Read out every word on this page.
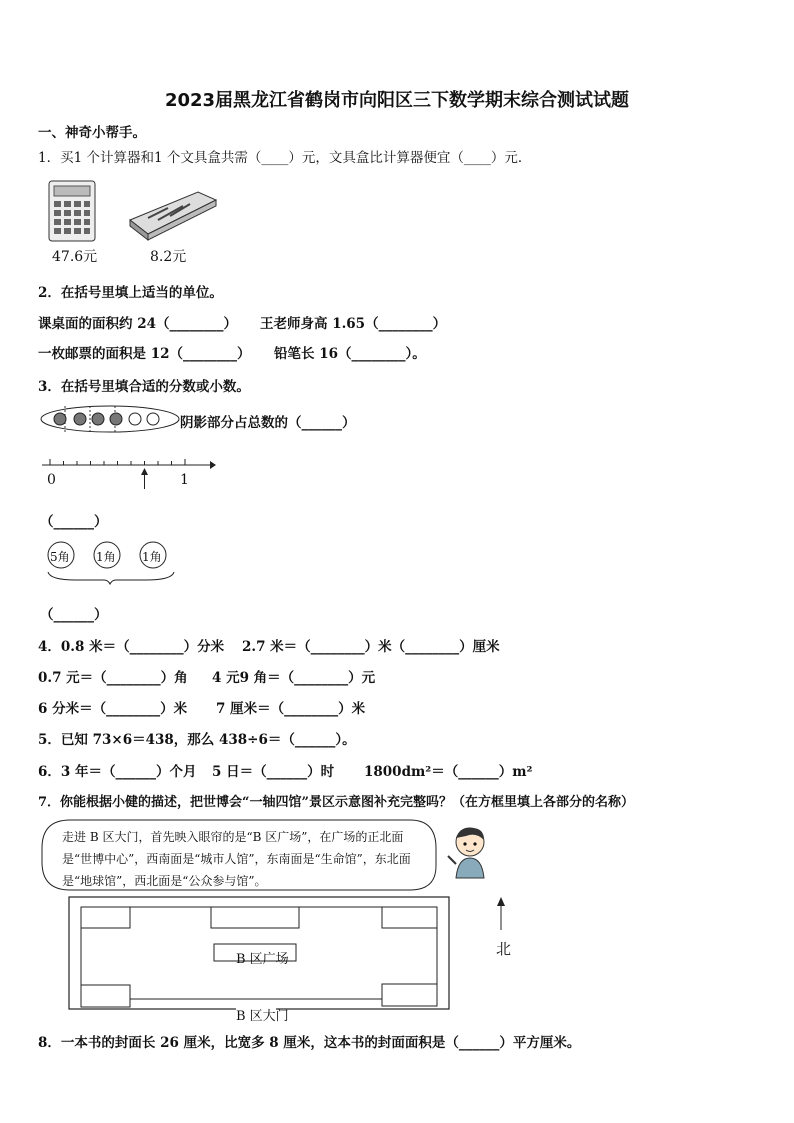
2023届黑龙江省鹤岗市向阳区三下数学期末综合测试试题
一、神奇小帮手。
1．买1 个计算器和1 个文具盒共需（____）元，文具盒比计算器便宜（____）元．
47.6元	8.2元
2．在括号里填上适当的单位。
课桌面的面积约 24（________） 王老师身高 1.65（________）
一枚邮票的面积是 12（________） 铅笔长 16（________）。
3．在括号里填合适的分数或小数。
阴影部分占总数的（______）
0	1
（______）
5角 1角 1角
（______）
4．0.8 米＝（________）分米 2.7 米＝（________）米（________）厘米
0.7 元＝（________）角 4 元9 角＝（________）元
6 分米＝（________）米 7 厘米＝（________）米
5．已知 73×6＝438，那么 438÷6＝（______）。
6．3 年＝（______）个月 5 日＝（______）时 1800dm²＝（______）m²
7．你能根据小健的描述，把世博会“一轴四馆”景区示意图补充完整吗？（在方框里填上各部分的名称）
走进 B 区大门，首先映入眼帘的是“B 区广场”，在广场的正北面是“世博中心”，西南面是“城市人馆”，东南面是“生命馆”，东北面是“地球馆”，西北面是“公众参与馆”。
B 区广场
B 区大门
北
8．一本书的封面长 26 厘米，比宽多 8 厘米，这本书的封面面积是（______）平方厘米。
